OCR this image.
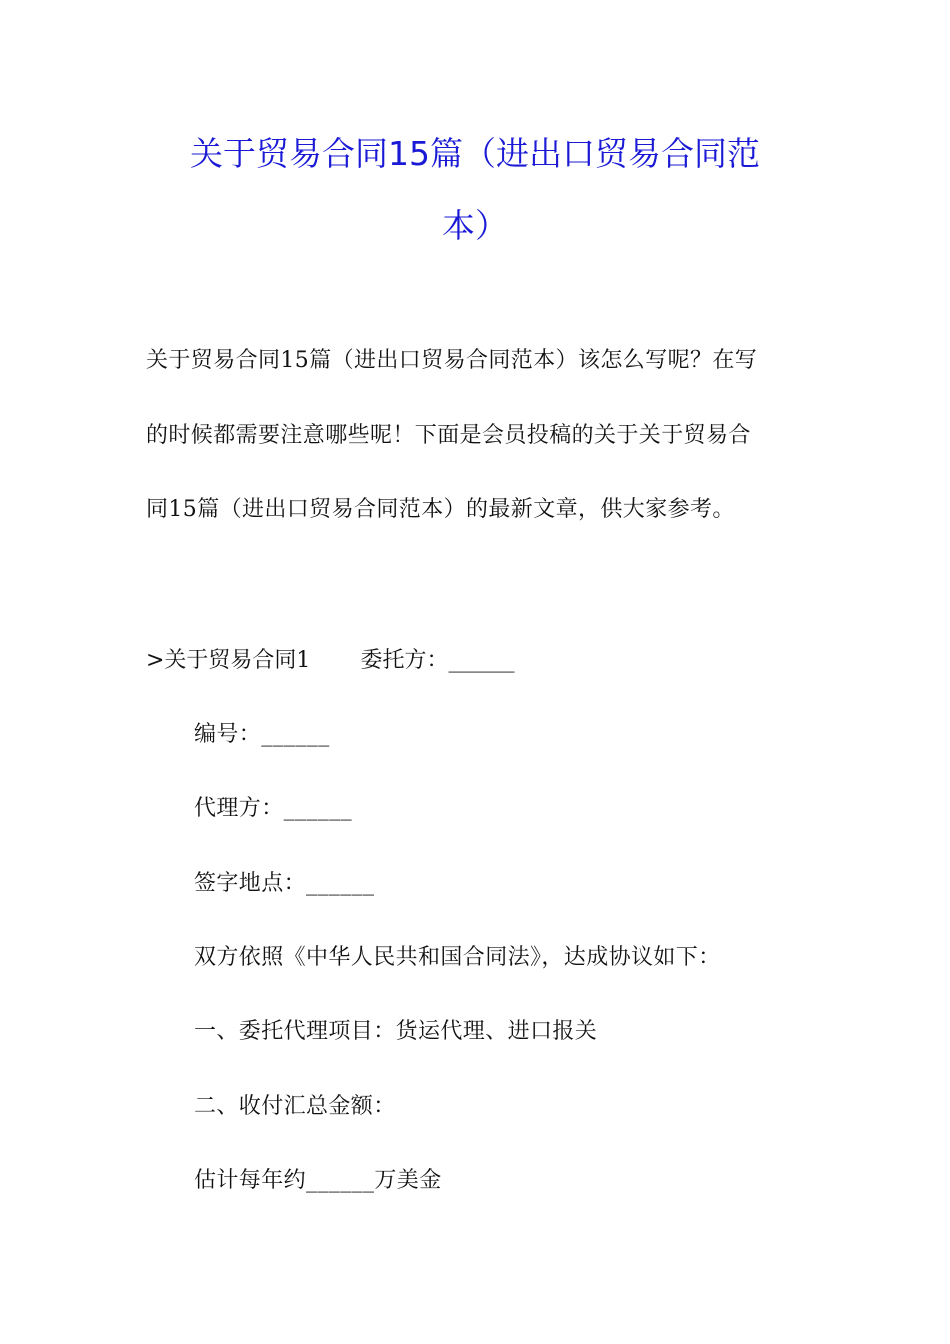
关于贸易合同15篇（进出口贸易合同范
本）
关于贸易合同15篇（进出口贸易合同范本）该怎么写呢？在写
的时候都需要注意哪些呢！下面是会员投稿的关于关于贸易合
同15篇（进出口贸易合同范本）的最新文章，供大家参考。
>关于贸易合同1 委托方：______
编号：______
代理方：______
签字地点：______
双方依照《中华人民共和国合同法》，达成协议如下：
一、委托代理项目：货运代理、进口报关
二、收付汇总金额：
估计每年约______万美金
